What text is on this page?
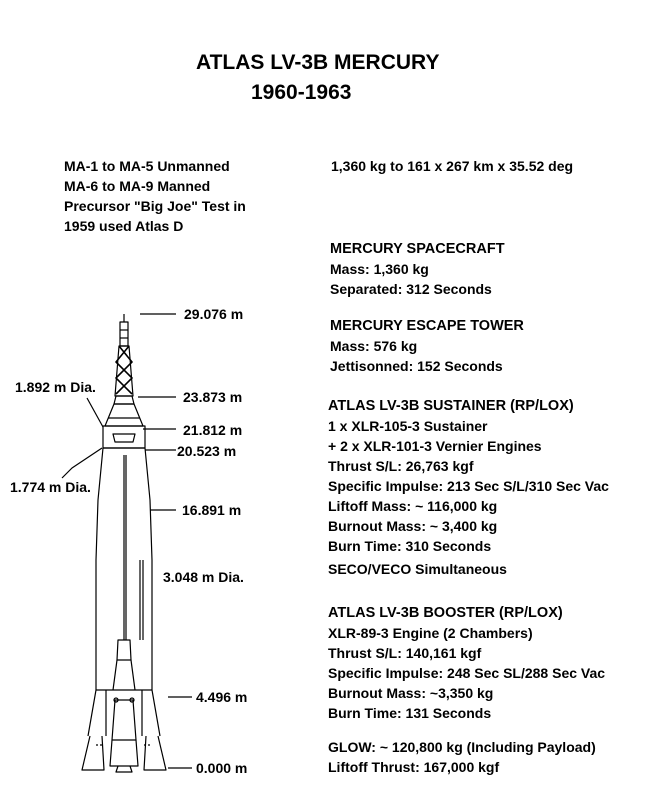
ATLAS LV-3B MERCURY
1960-1963
MA-1 to MA-5 Unmanned
MA-6 to MA-9 Manned
Precursor "Big Joe" Test in
1959 used Atlas D
1,360 kg to 161 x 267 km x 35.52 deg
MERCURY SPACECRAFT
Mass: 1,360 kg
Separated: 312 Seconds
MERCURY ESCAPE TOWER
Mass: 576 kg
Jettisonned: 152 Seconds
ATLAS LV-3B SUSTAINER (RP/LOX)
1 x XLR-105-3 Sustainer
+ 2 x XLR-101-3 Vernier Engines
Thrust S/L: 26,763 kgf
Specific Impulse: 213 Sec S/L/310 Sec Vac
Liftoff Mass: ~ 116,000 kg
Burnout Mass: ~ 3,400 kg
Burn Time: 310 Seconds
SECO/VECO Simultaneous
ATLAS LV-3B BOOSTER (RP/LOX)
XLR-89-3 Engine (2 Chambers)
Thrust S/L: 140,161 kgf
Specific Impulse: 248 Sec SL/288 Sec Vac
Burnout Mass: ~3,350 kg
Burn Time: 131 Seconds
GLOW: ~ 120,800 kg (Including Payload)
Liftoff Thrust: 167,000 kgf
29.076 m
23.873 m
21.812 m
20.523 m
16.891 m
4.496 m
0.000 m
1.892 m Dia.
1.774 m Dia.
3.048 m Dia.
